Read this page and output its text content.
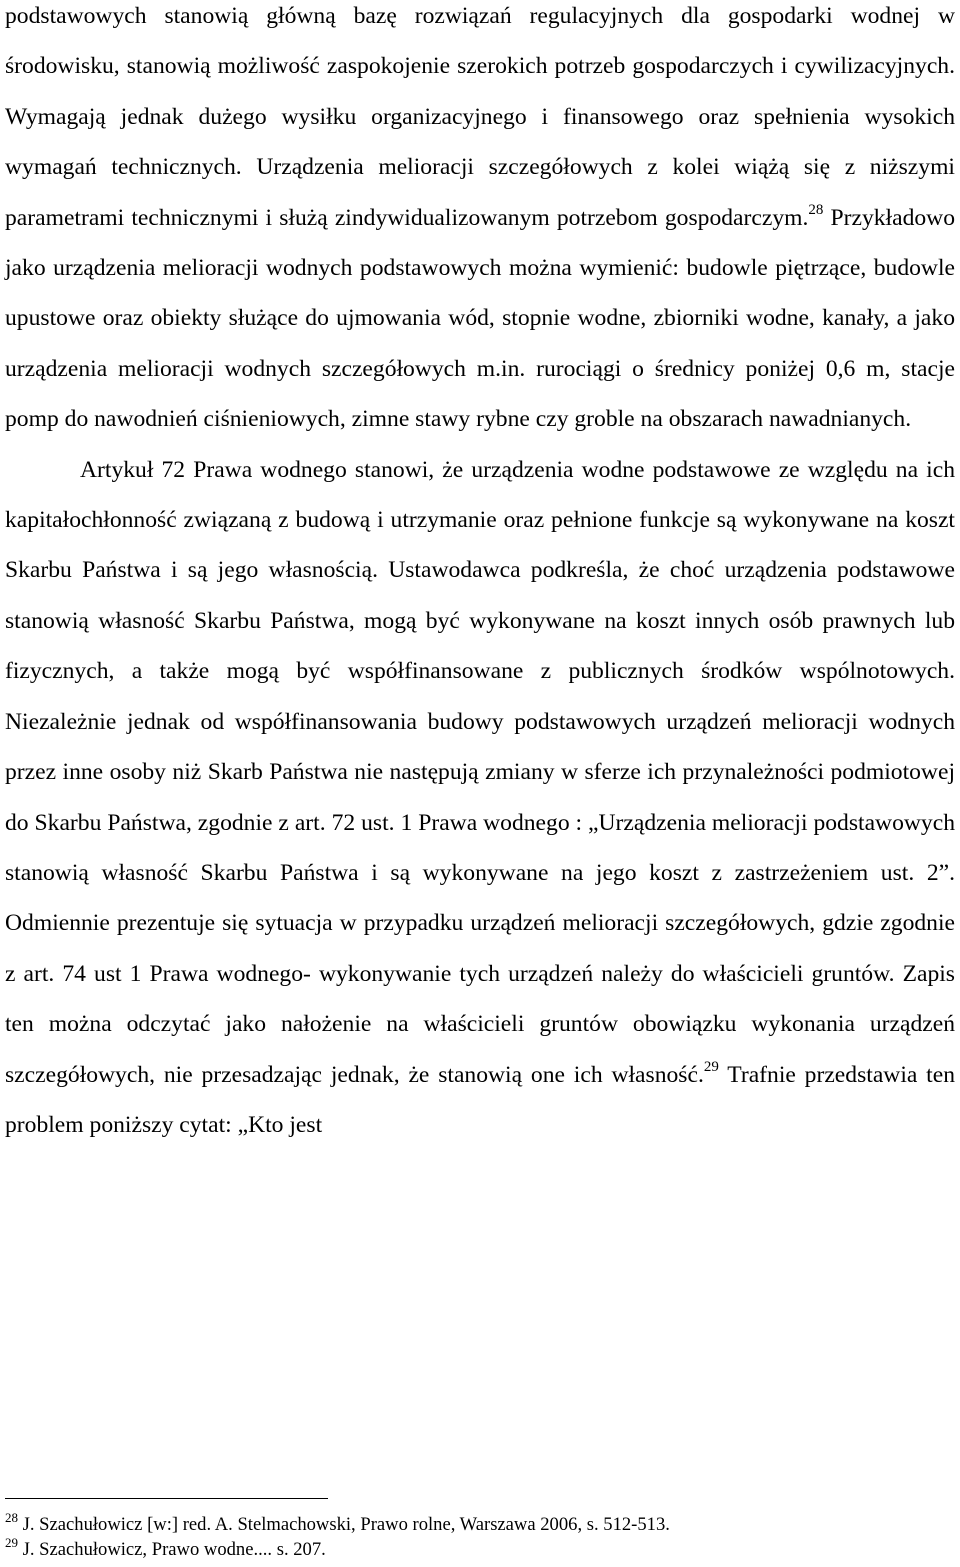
podstawowych stanowią główną bazę rozwiązań regulacyjnych dla gospodarki wodnej w środowisku, stanowią możliwość zaspokojenie szerokich potrzeb gospodarczych i cywilizacyjnych. Wymagają jednak dużego wysiłku organizacyjnego i finansowego oraz spełnienia wysokich wymagań technicznych. Urządzenia melioracji szczegółowych z kolei wiążą się z niższymi parametrami technicznymi i służą zindywidualizowanym potrzebom gospodarczym.$^{28}$ Przykładowo jako urządzenia melioracji wodnych podstawowych można wymienić: budowle piętrzące, budowle upustowe oraz obiekty służące do ujmowania wód, stopnie wodne, zbiorniki wodne, kanały, a jako urządzenia melioracji wodnych szczegółowych m.in. rurociągi o średnicy poniżej 0,6 m, stacje pomp do nawodnień ciśnieniowych, zimne stawy rybne czy groble na obszarach nawadnianych.

Artykuł 72 Prawa wodnego stanowi, że urządzenia wodne podstawowe ze względu na ich kapitałochłonność związaną z budową i utrzymanie oraz pełnione funkcje są wykonywane na koszt Skarbu Państwa i są jego własnością. Ustawodawca podkreśla, że choć urządzenia podstawowe stanowią własność Skarbu Państwa, mogą być wykonywane na koszt innych osób prawnych lub fizycznych, a także mogą być współfinansowane z publicznych środków wspólnotowych. Niezależnie jednak od współfinansowania budowy podstawowych urządzeń melioracji wodnych przez inne osoby niż Skarb Państwa nie następują zmiany w sferze ich przynależności podmiotowej do Skarbu Państwa, zgodnie z art. 72 ust. 1 Prawa wodnego : „Urządzenia melioracji podstawowych stanowią własność Skarbu Państwa i są wykonywane na jego koszt z zastrzeżeniem ust. 2”. Odmiennie prezentuje się sytuacja w przypadku urządzeń melioracji szczegółowych, gdzie zgodnie z art. 74 ust 1 Prawa wodnego- wykonywanie tych urządzeń należy do właścicieli gruntów. Zapis ten można odczytać jako nałożenie na właścicieli gruntów obowiązku wykonania urządzeń szczegółowych, nie przesadzając jednak, że stanowią one ich własność.$^{29}$ Trafnie przedstawia ten problem poniższy cytat: „Kto jest

$^{28}$ J. Szachułowicz [w:] red. A. Stelmachowski, Prawo rolne, Warszawa 2006, s. 512-513.

$^{29}$ J. Szachułowicz, Prawo wodne.... s. 207.
